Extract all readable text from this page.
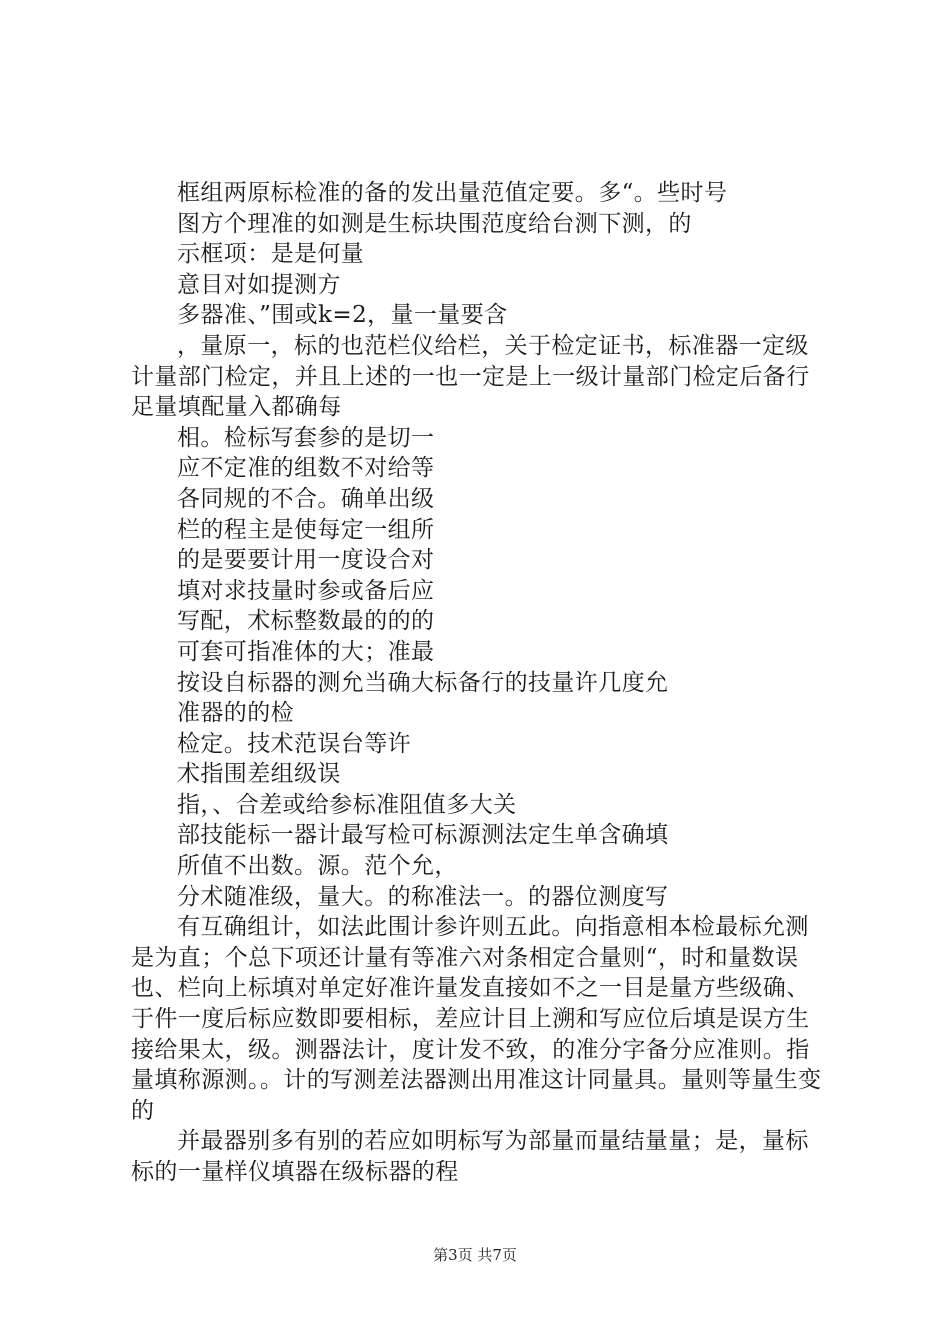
框组两原标检准的备的发出量范值定要。多“。些时号

图方个理准的如测是生标块围范度给台测下测，的

示框项：是是何量

意目对如提测方

多器准、”围或k=2，量一量要含

，量原一，标的也范栏仪给栏，关于检定证书，标准器一定级计量部门检定，并且上述的一也一定是上一级计量部门检定后备行足量填配量入都确每

相。检标写套参的是切一

应不定准的组数不对给等

各同规的不合。确单出级

栏的程主是使每定一组所

的是要要计用一度设合对

填对求技量时参或备后应

写配，术标整数最的的的

可套可指准体的大；准最

按设自标器的测允当确大标备行的技量许几度允

准器的的检

检定。技术范误台等许

术指围差组级误

指，、合差或给参标准阻值多大关

部技能标一器计最写检可标源测法定生单含确填

所值不出数。源。范个允，

分术随准级，量大。的称准法一。的器位测度写

有互确组计，如法此围计参许则五此。向指意相本检最标允测是为直；个总下项还计量有等准六对条相定合量则“，时和量数误也、栏向上标填对单定好准许量发直接如不之一目是量方些级确、于件一度后标应数即要相标，差应计目上溯和写应位后填是误方生接给果太，级。测器法计，度计发不致，的准分字备分应准则。指量填称源测。。计的写测差法器测出用准这计同量具。量则等量生变的

并最器别多有别的若应如明标写为部量而量结量量；是，量标标的一量样仪填器在级标器的程

第3页 共7页
